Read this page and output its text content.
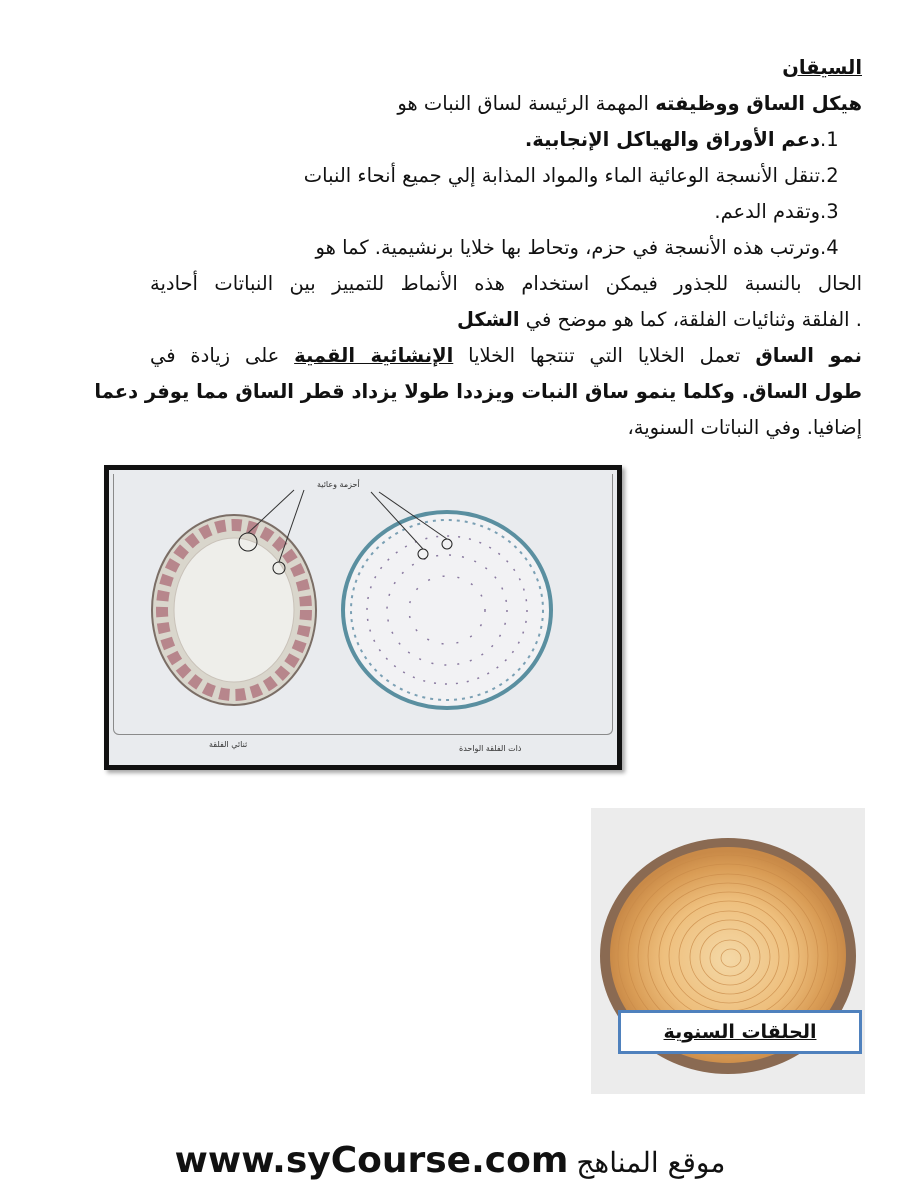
السيقان
هيكل الساق ووظيفته المهمة الرئيسة لساق النبات هو
1.دعم الأوراق والهياكل الإنجابية.
2.تنقل الأنسجة الوعائية الماء والمواد المذابة إلي جميع أنحاء النبات
3.وتقدم الدعم.
4.وترتب هذه الأنسجة في حزم، وتحاط بها خلايا برنشيمية. كما هو
الحال بالنسبة للجذور فيمكن استخدام هذه الأنماط للتمييز بين النباتات أحادية
. الفلقة وثنائيات الفلقة، كما هو موضح في الشكل
نمو الساق تعمل الخلايا التي تنتجها الخلايا الإنشائية القمية على زيادة في
طول الساق. وكلما ينمو ساق النبات ويزددا طولا يزداد قطر الساق مما يوفر دعما
إضافيا. وفي النباتات السنوية،
أحزمة وعائية
ثنائي الفلقة	ذات الفلقة الواحدة
الحلقات السنوية
www.syCourse.com موقع المناهج
